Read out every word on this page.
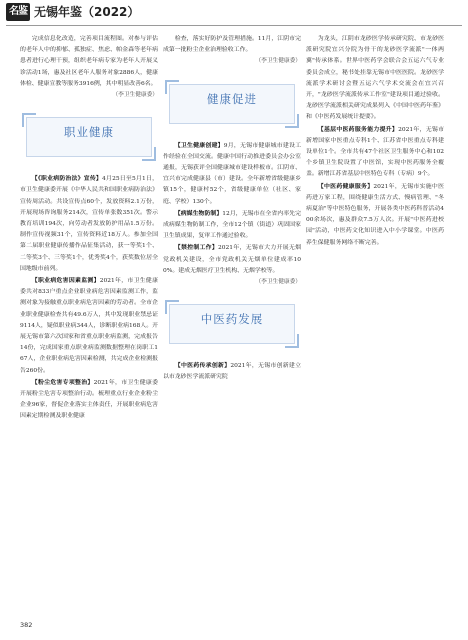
名鉴 无锡年鉴（2022）

完成信息化改造，完善项目流程图。对参与评估的老年人中的抑郁、孤独症、焦虑、帕金森等老年病患者进行心理干预，组织老年病专家为老年人开展义诊活动1场，惠及社区老年人服务对象2886人，健康体检、健康宣教等服务3916例，其中明显改善6名。

（李卫生健康委）

职业健康

【《职业病防治法》宣传】4月25日至5月1日，市卫生健康委开展《中华人民共和国职业病防治法》宣传周活动。共设宣传点60个，发放资料2.1万份，开展现场咨询服务214次，宣传单张数351次。警示教育培训194次，向劳动者发放防护用品1.5万份。制作宣传视频31个，宣传资料近18万人。参加全国第二届职业健康传播作品征集活动，获一等奖1个、二等奖3个、三等奖1个，优秀奖4个，获奖数位居全国地级市前列。

【职业病危害因素监测】2021年，市卫生健康委共对833户重点企业职业病危害因素监测工作，监测对象为接触重点职业病危害因素的劳动者。全市企业职业健康检查共有49.6万人，其中发现职业禁忌证9114人，疑似职业病344人，诊断职业病168人。开展无锡市第六次国家和省重点职业病监测，完成报告14份，完成国家重点职业病监测数据整理在岗职工167人，企业职业病危害因素检测，共完成企业检测报告260份。

【粉尘危害专项整治】2021年，市卫生健康委开展粉尘危害专项整治行动。梳理重点行业企业粉尘企业96家，督促企业落实主体责任，开展职业病危害因素定期检测及职业健康

检查，落实好防护及管理措施。11月，江阴市完成第一批粉尘企业治理验收工作。

（李卫生健康委）

健康促进

【卫生健康创建】9月，无锡市健康城市建设工作经验在全国交流。健康中国行动推进委员会办公室通报，无锡获评全国健康城市建设样板市。江阴市、宜兴市完成健康县（市）建设。全年新增省级健康乡镇15个，健康村52个，省级健康单位（社区、家庭、学校）130个。

【病媒生物防制】12月，无锡市在全省内率先完成病媒生物防制工作，全市12个镇（街道）巩固国家卫生镇成果，复审工作通过验收。

【禁控制工作】2021年，无锡市大力开展无烟党政机关建设，全市党政机关无烟单位建成率100%。建成无烟医疗卫生机构、无烟学校等。

（李卫生健康委）

中医药发展

【中医药传承创新】2021年，无锡市创新建立以市龙砂医学流派研究院

为龙头，江阴市龙砂医学传承研究院、市龙砂医派研究院宜兴分院为骨干的龙砂医学流派"一体两翼"传承体系。世界中医药学会联合会五运六气专业委员会成立，秘书处挂靠无锡市中医医院。龙砂医学流派学术研讨会暨五运六气学术交流会在宜兴召开，"龙砂医学流派传承工作室"建设项目通过验收。龙砂医学流派相关研究成果列入《中国中医药年鉴》和《中医药发展统计提要》。

【基层中医药服务能力提升】2021年，无锡市新增国家中医重点专科1个、江苏省中医重点专科建设单位1个。全市共有47个社区卫生服务中心和102个乡镇卫生院设置了中医馆，实现中医药服务全覆盖。新增江苏省基层中医特色专科（专病）9个。

【中医药健康服务】2021年，无锡市实施中医药进万家工程，围绕健康生活方式、慢病管理、"冬病夏治"等中医特色服务，开展各类中医药科普活动400余场次，惠及群众7.5万人次。开展"中医药进校园"活动，中医药文化知识进入中小学课堂。中医药养生保健服务网络不断完善。

382
